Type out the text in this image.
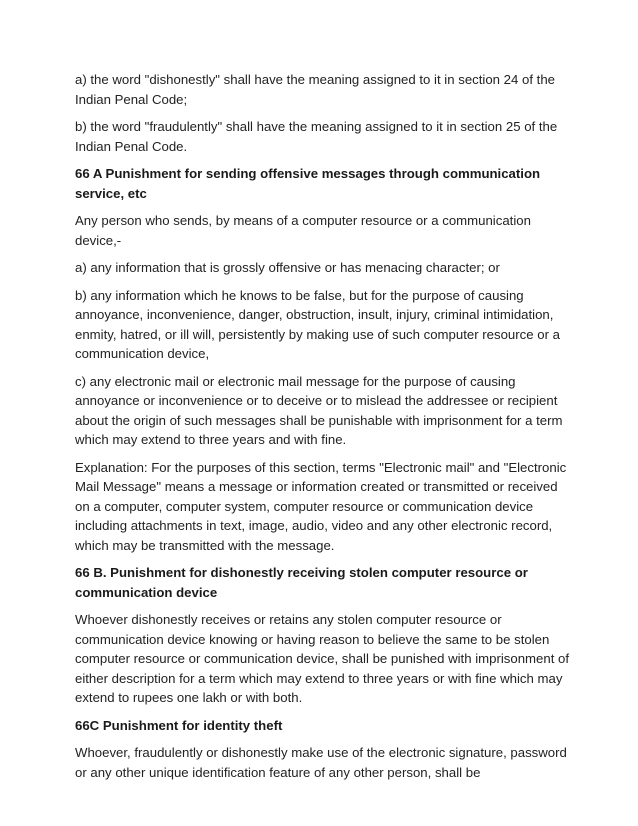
a) the word "dishonestly" shall have the meaning assigned to it in section 24 of the Indian Penal Code;

b) the word "fraudulently" shall have the meaning assigned to it in section 25 of the Indian Penal Code.

66 A Punishment for sending offensive messages through communication service, etc

Any person who sends, by means of a computer resource or a communication device,-

a) any information that is grossly offensive or has menacing character; or

b) any information which he knows to be false, but for the purpose of causing annoyance, inconvenience, danger, obstruction, insult, injury, criminal intimidation, enmity, hatred, or ill will, persistently by making use of such computer resource or a communication device,

c) any electronic mail or electronic mail message for the purpose of causing annoyance or inconvenience or to deceive or to mislead the addressee or recipient about the origin of such messages shall be punishable with imprisonment for a term which may extend to three years and with fine.

Explanation: For the purposes of this section, terms "Electronic mail" and "Electronic Mail Message" means a message or information created or transmitted or received on a computer, computer system, computer resource or communication device including attachments in text, image, audio, video and any other electronic record, which may be transmitted with the message.

66 B. Punishment for dishonestly receiving stolen computer resource or communication device

Whoever dishonestly receives or retains any stolen computer resource or communication device knowing or having reason to believe the same to be stolen computer resource or communication device, shall be punished with imprisonment of either description for a term which may extend to three years or with fine which may extend to rupees one lakh or with both.

66C Punishment for identity theft

Whoever, fraudulently or dishonestly make use of the electronic signature, password or any other unique identification feature of any other person, shall be
